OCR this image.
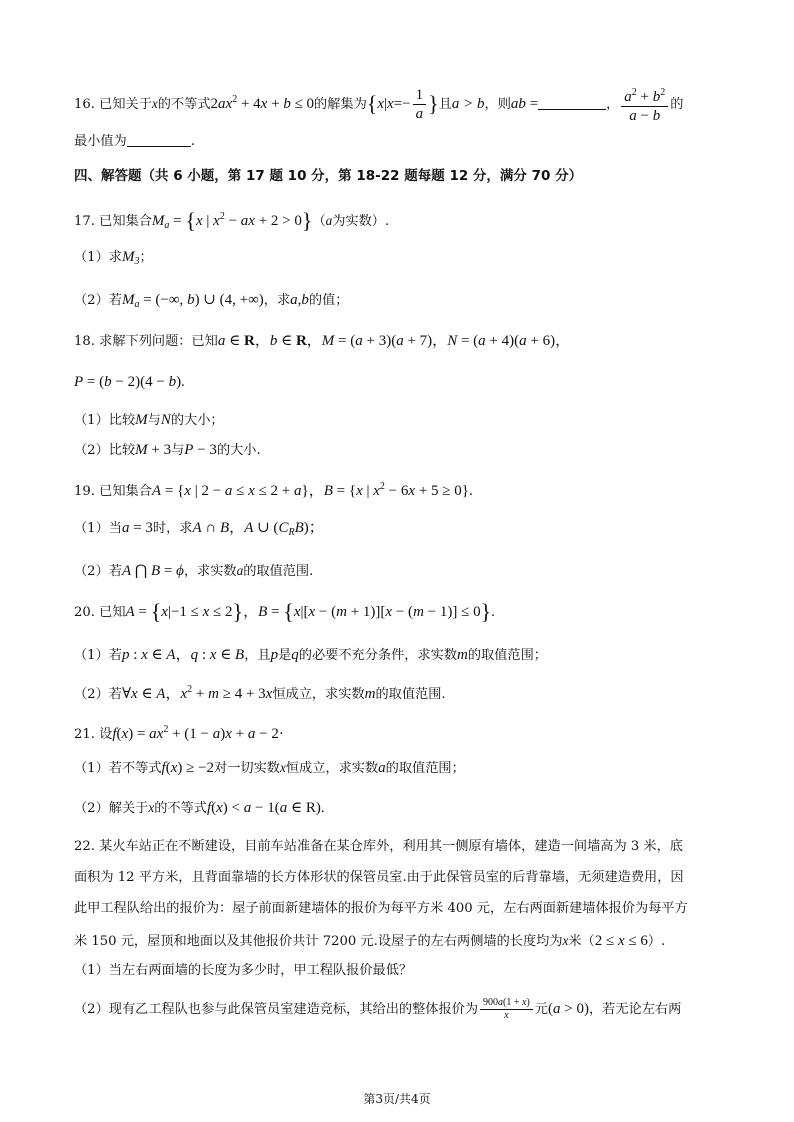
16. 已知关于x的不等式$2ax^2 + 4x + b \le 0$的解集为{$x|x=- \frac{1}{a}$ }且a > b，则ab =	， $\frac{a^2 + b^2}{a - b}$ 的
最小值为	.
四、解答题（共 6 小题，第 17 题 10 分，第 18-22 题每题 12 分，满分 70 分）
17. 已知集合$M_a = \{x$ | $x^2$ − ax + 2 > 0}（a为实数）.
（1）求$M_3$；
（2）若$M_a$ = (−∞, b) ∪ (4, +∞)，求a,b的值；
18. 求解下列问题：已知a ∈ R，b ∈ R，M = (a + 3)(a + 7)，N = (a + 4)(a + 6)，
P = (b − 2)(4 − b).
（1）比较M与N的大小；
（2）比较M + 3与P − 3的大小.
19. 已知集合A = {x | 2 − a ≤ x ≤ 2 + a}，B = {x | $x^2 - 6x + 5 \ge 0$}.
（1）当a = 3时，求A ∩ B，A ∪ $(C_RB)$；
（2）若A ⋂ B = ϕ，求实数a的取值范围.
20. 已知A = {x|−1 ≤ x ≤ 2}，B = {x|[x − (m + 1)][x − (m − 1)] ≤ 0}.
（1）若p : x ∈ A，q : x ∈ B，且p是q的必要不充分条件，求实数m的取值范围；
（2）若∀x ∈ A，$x^2 + m \ge 4 + 3x$恒成立，求实数m的取值范围.
21. 设$f(x) = ax^2 + (1 - a)x + a - 2\cdot$
（1）若不等式f(x) ≥ −2对一切实数x恒成立，求实数a的取值范围；
（2）解关于x的不等式f(x) < a − 1(a ∈ R).
22. 某火车站正在不断建设，目前车站准备在某仓库外，利用其一侧原有墙体，建造一间墙高为 3 米，底
面积为 12 平方米，且背面靠墙的长方体形状的保管员室.由于此保管员室的后背靠墙，无须建造费用，因
此甲工程队给出的报价为：屋子前面新建墙体的报价为每平方米 400 元，左右两面新建墙体报价为每平方
米 150 元，屋顶和地面以及其他报价共计 7200 元.设屋子的左右两侧墙的长度均为x米（2 ≤ x ≤ 6）.
（1）当左右两面墙的长度为多少时，甲工程队报价最低？
（2）现有乙工程队也参与此保管员室建造竞标，其给出的整体报价为 $\frac{900a(1 + x)}{x}$ 元(a > 0)，若无论左右两
第3页/共4页
